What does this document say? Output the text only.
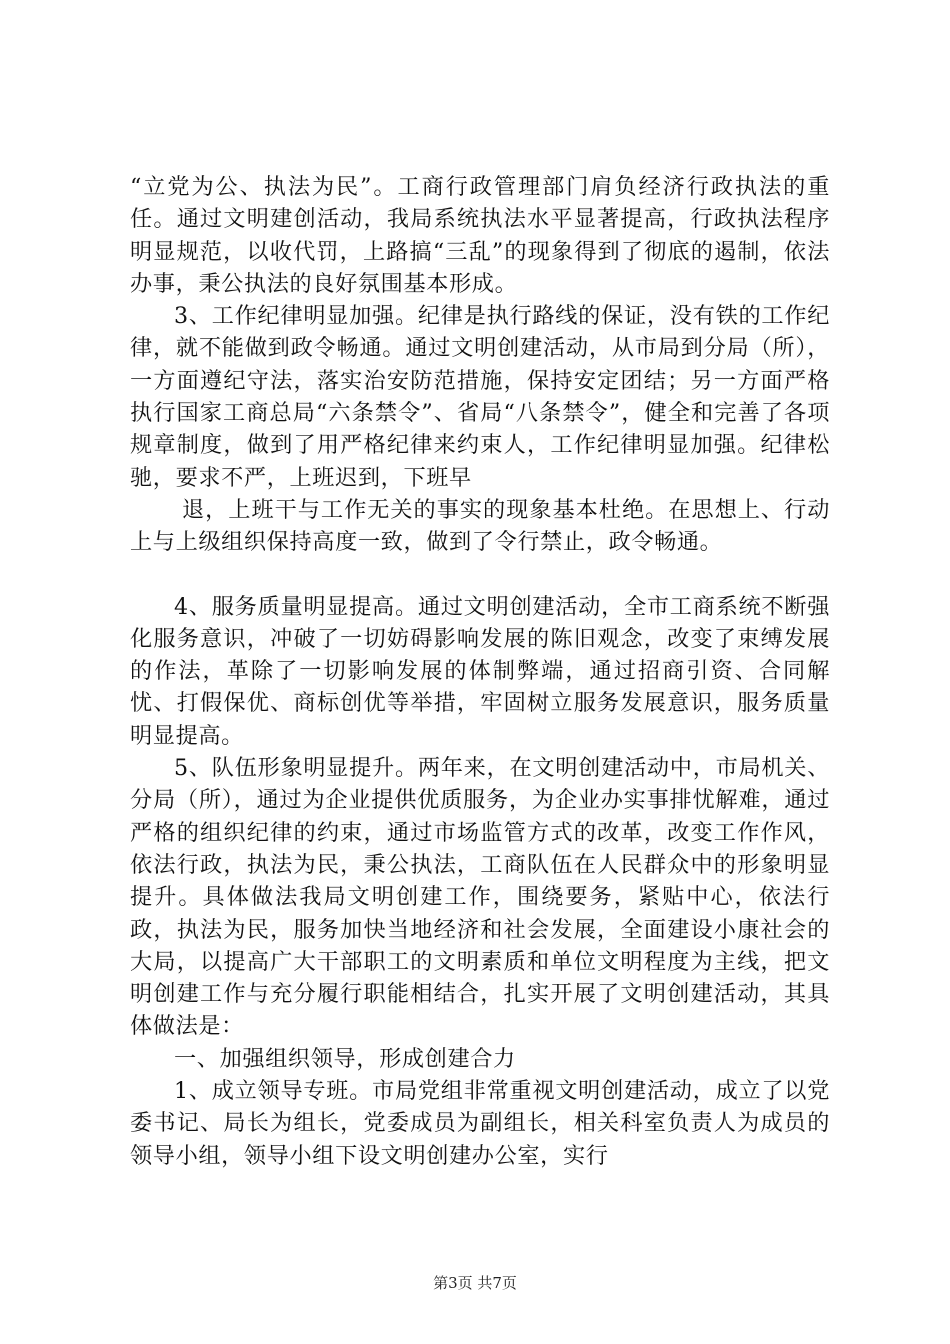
“立党为公、执法为民”。工商行政管理部门肩负经济行政执法的重任。通过文明建创活动，我局系统执法水平显著提高，行政执法程序明显规范，以收代罚，上路搞“三乱”的现象得到了彻底的遏制，依法办事，秉公执法的良好氛围基本形成。

3、工作纪律明显加强。纪律是执行路线的保证，没有铁的工作纪律，就不能做到政令畅通。通过文明创建活动，从市局到分局（所），一方面遵纪守法，落实治安防范措施，保持安定团结；另一方面严格执行国家工商总局“六条禁令”、省局“八条禁令”，健全和完善了各项规章制度，做到了用严格纪律来约束人，工作纪律明显加强。纪律松驰，要求不严，上班迟到，下班早

退，上班干与工作无关的事实的现象基本杜绝。在思想上、行动上与上级组织保持高度一致，做到了令行禁止，政令畅通。

4、服务质量明显提高。通过文明创建活动，全市工商系统不断强化服务意识，冲破了一切妨碍影响发展的陈旧观念，改变了束缚发展的作法，革除了一切影响发展的体制弊端，通过招商引资、合同解忧、打假保优、商标创优等举措，牢固树立服务发展意识，服务质量明显提高。

5、队伍形象明显提升。两年来，在文明创建活动中，市局机关、分局（所），通过为企业提供优质服务，为企业办实事排忧解难，通过严格的组织纪律的约束，通过市场监管方式的改革，改变工作作风，依法行政，执法为民，秉公执法，工商队伍在人民群众中的形象明显提升。具体做法我局文明创建工作，围绕要务，紧贴中心，依法行政，执法为民，服务加快当地经济和社会发展，全面建设小康社会的大局，以提高广大干部职工的文明素质和单位文明程度为主线，把文明创建工作与充分履行职能相结合，扎实开展了文明创建活动，其具体做法是：

一、加强组织领导，形成创建合力

1、成立领导专班。市局党组非常重视文明创建活动，成立了以党委书记、局长为组长，党委成员为副组长，相关科室负责人为成员的领导小组，领导小组下设文明创建办公室，实行

第3页 共7页
